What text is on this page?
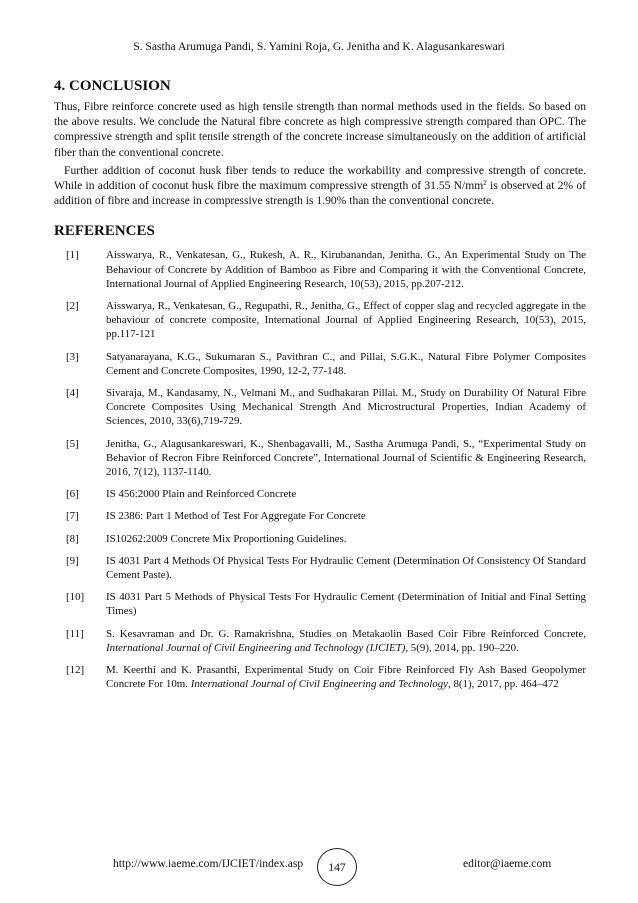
S. Sastha Arumuga Pandi, S. Yamini Roja, G. Jenitha and K. Alagusankareswari
4. CONCLUSION

Thus, Fibre reinforce concrete used as high tensile strength than normal methods used in the fields. So based on the above results. We conclude the Natural fibre concrete as high compressive strength compared than OPC. The compressive strength and split tensile strength of the concrete increase simultaneously on the addition of artificial fiber than the conventional concrete.

Further addition of coconut husk fiber tends to reduce the workability and compressive strength of concrete. While in addition of coconut husk fibre the maximum compressive strength of 31.55 $N/mm^2$ is observed at 2% of addition of fibre and increase in compressive strength is 1.90% than the conventional concrete.

REFERENCES
[1]	Aisswarya, R., Venkatesan, G., Rukesh, A. R., Kirubanandan, Jenitha. G., An Experimental Study on The Behaviour of Concrete by Addition of Bamboo as Fibre and Comparing it with the Conventional Concrete, International Journal of Applied Engineering Research, 10(53), 2015, pp.207-212.
[2]	Aisswarya, R., Venkatesan, G., Regupathi, R., Jenitha, G., Effect of copper slag and recycled aggregate in the behaviour of concrete composite, International Journal of Applied Engineering Research, 10(53), 2015, pp.117-121
[3]	Satyanarayana, K.G., Sukumaran S., Pavithran C., and Pillai, S.G.K., Natural Fibre Polymer Composites Cement and Concrete Composites, 1990, 12-2, 77-148.
[4]	Sivaraja, M., Kandasamy, N., Velmani M., and Sudhakaran Pillai. M., Study on Durability Of Natural Fibre Concrete Composites Using Mechanical Strength And Microstructural Properties, Indian Academy of Sciences, 2010, 33(6),719-729.
[5]	Jenitha, G., Alagusankareswari, K., Shenbagavalli, M., Sastha Arumuga Pandi, S., “Experimental Study on Behavior of Recron Fibre Reinforced Concrete”, International Journal of Scientific & Engineering Research, 2016, 7(12), 1137-1140.
[6]	IS 456:2000 Plain and Reinforced Concrete
[7]	IS 2386: Part 1 Method of Test For Aggregate For Concrete
[8]	IS10262:2009 Concrete Mix Proportioning Guidelines.
[9]	IS 4031 Part 4 Methods Of Physical Tests For Hydraulic Cement (Determination Of Consistency Of Standard Cement Paste).
[10]	IS 4031 Part 5 Methods of Physical Tests For Hydraulic Cement (Determination of Initial and Final Setting Times)
[11]	S. Kesavraman and Dr. G. Ramakrishna, Studies on Metakaolin Based Coir Fibre Reinforced Concrete, International Journal of Civil Engineering and Technology (IJCIET), 5(9), 2014, pp. 190–220.
[12]	M. Keerthi and K. Prasanthi, Experimental Study on Coir Fibre Reinforced Fly Ash Based Geopolymer Concrete For 10m. International Journal of Civil Engineering and Technology, 8(1), 2017, pp. 464–472
http://www.iaeme.com/IJCIET/index.asp	147	editor@iaeme.com
